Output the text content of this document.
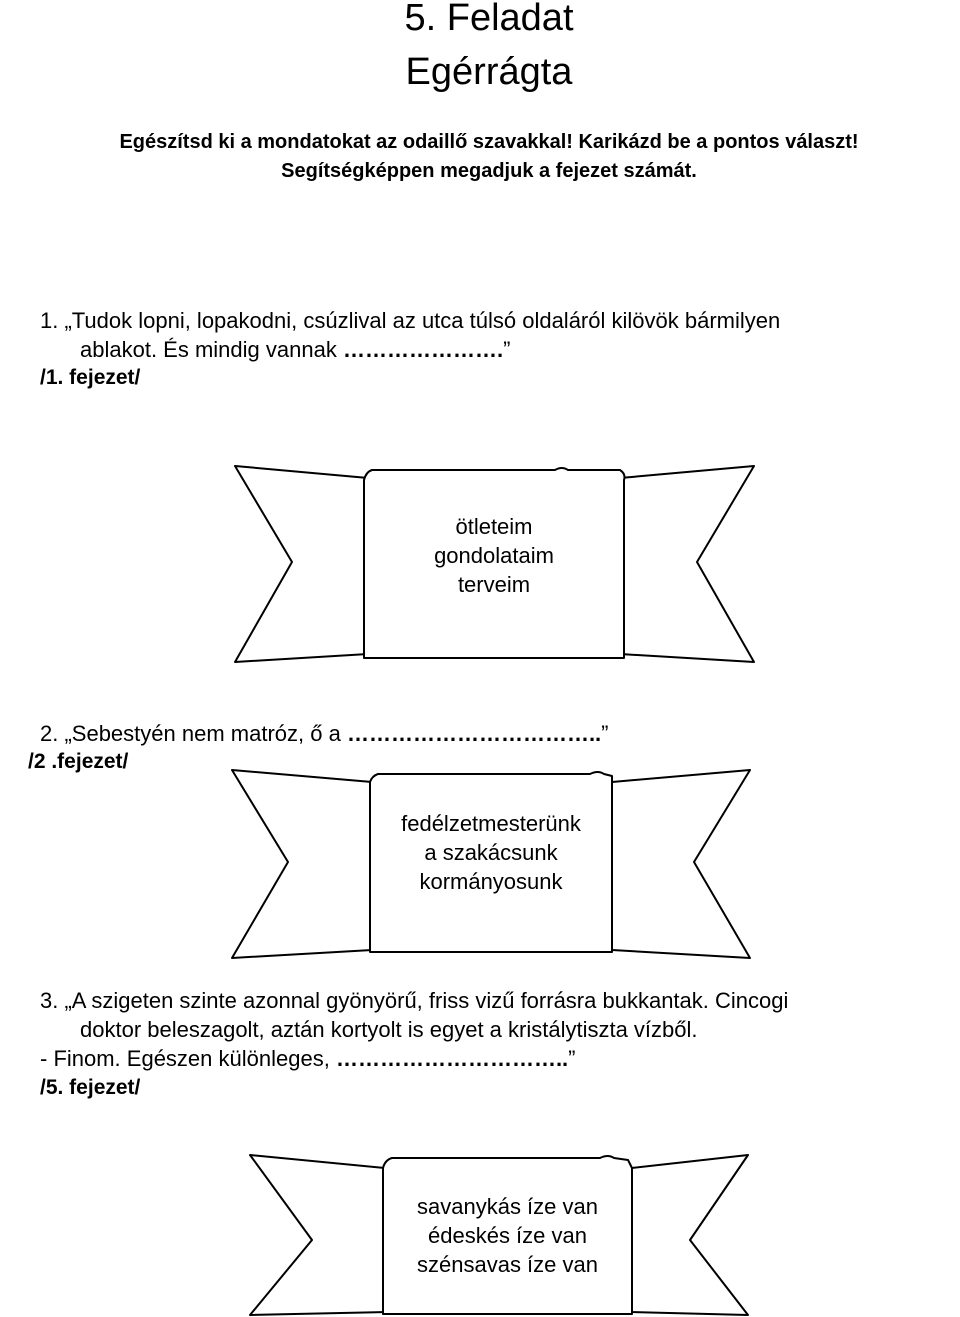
5. Feladat
Egérrágta
Egészítsd ki a mondatokat az odaillő szavakkal! Karikázd be a pontos választ!
Segítségképpen megadjuk a fejezet számát.
1. „Tudok lopni, lopakodni, csúzlival az utca túlsó oldaláról kilövök bármilyen
ablakot. És mindig vannak ………………….”
/1. fejezet/
ötleteim
gondolataim
terveim
2. „Sebestyén nem matróz, ő a ……………………………..”
/2 .fejezet/
fedélzetmesterünk
a szakácsunk
kormányosunk
3. „A szigeten szinte azonnal gyönyörű, friss vizű forrásra bukkantak. Cincogi
doktor beleszagolt, aztán kortyolt is egyet a kristálytiszta vízből.
- Finom. Egészen különleges, …………………………..”
/5. fejezet/
savanykás íze van
édeskés íze van
szénsavas íze van
